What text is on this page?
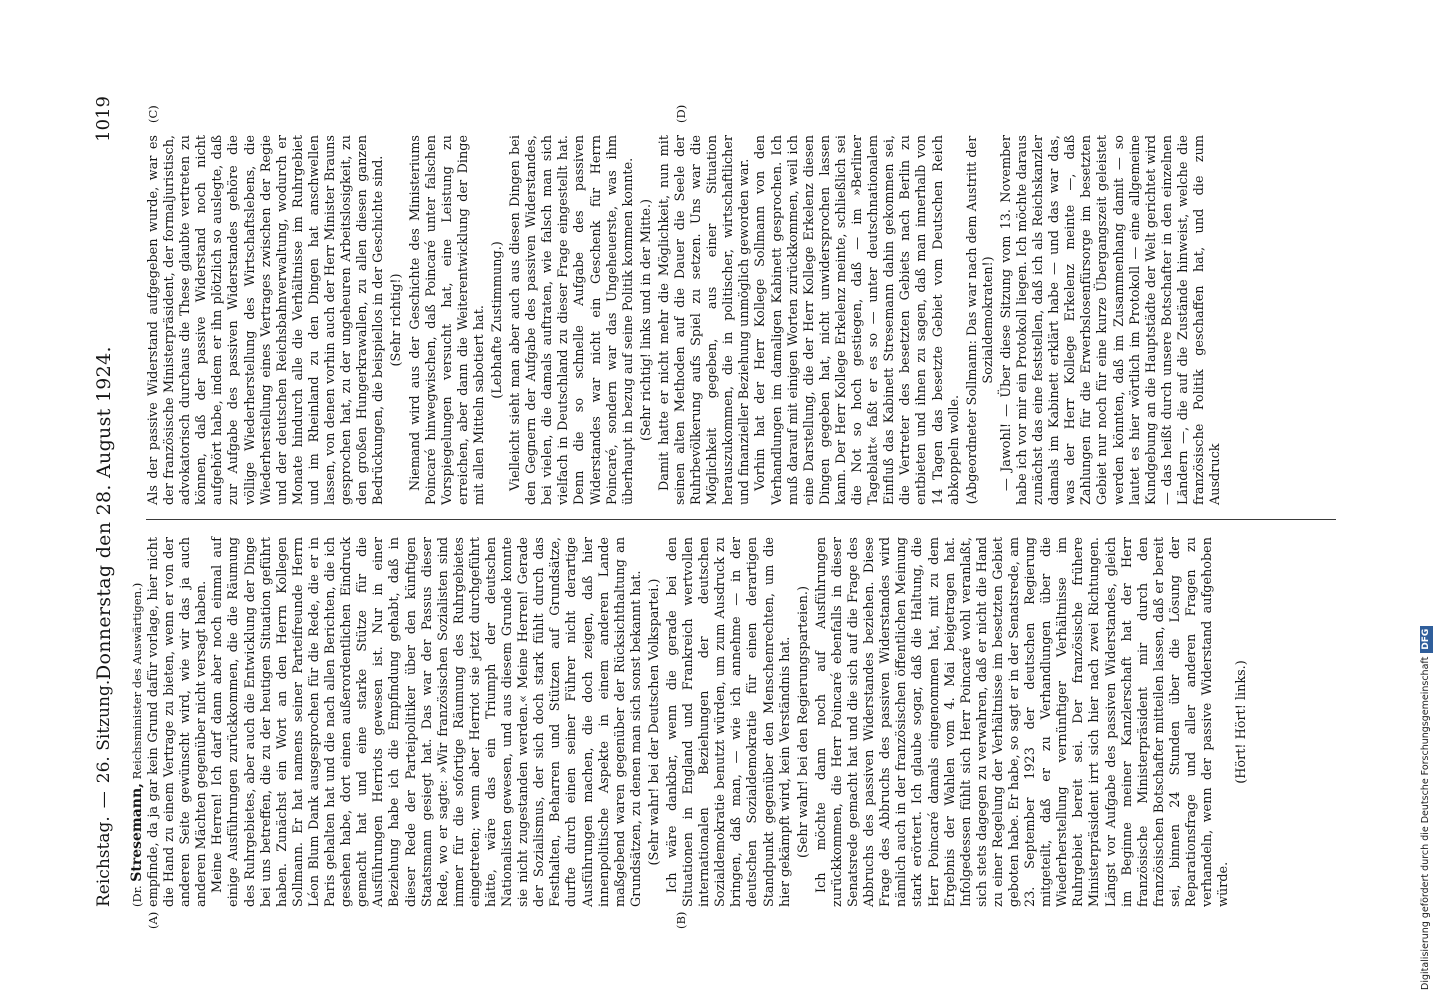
Reichstag.—26. Sitzung.
Donnerstag den 28. August 1924.
1019
(Dr. Stresemann, Reichsminister des Auswärtigen.)
(A)	(B)
(C)	(D)

empfinde, da ja gar kein Grund dafür vorlage, hier nicht die Hand zu einem Vertrage zu bieten, wenn er von der anderen Seite gewünscht wird, wie wir das ja auch anderen Mächten gegenüber nicht versagt haben. Meine Herren! Ich darf dann aber noch einmal auf einige Ausführungen zurückkommen, die die Räumung des Ruhrgebietes, aber auch die Entwicklung der Dinge bei uns betreffen, die zu der heutigen Situation geführt haben. Zunächst ein Wort an den Herrn Kollegen Sollmann. Er hat namens seiner Parteifreunde Herrn Léon Blum Dank ausgesprochen für die Rede, die er in Paris gehalten hat und die nach allen Berichten, die ich gesehen habe, dort einen außerordentlichen Eindruck gemacht hat und eine starke Stütze für die Ausführungen Herriots gewesen ist. Nur in einer Beziehung habe ich die Empfindung gehabt, daß in dieser Rede der Parteipolitiker über den künftigen Staatsmann gesiegt hat. Das war der Passus dieser Rede, wo er sagte: »Wir französischen Sozialisten sind immer für die sofortige Räumung des Ruhrgebietes eingetreten; wenn aber Herriot sie jetzt durchgeführt hätte, wäre das ein Triumph der deutschen Nationalisten gewesen, und aus diesem Grunde konnte sie nicht zugestanden werden.« Meine Herren! Gerade der Sozialismus, der sich doch stark fühlt durch das Festhalten, Beharren und Stützen auf Grundsätze, durfte durch einen seiner Führer nicht derartige Ausführungen machen, die doch zeigen, daß hier innenpolitische Aspekte in einem anderen Lande maßgebend waren gegenüber der Rücksichthaltung an Grundsätzen, zu denen man sich sonst bekannt hat. (Sehr wahr! bei der Deutschen Volkspartei.) Ich wäre dankbar, wenn die gerade bei den Situationen in England und Frankreich wertvollen internationalen Beziehungen der deutschen Sozialdemokratie benutzt würden, um zum Ausdruck zu bringen, daß man, — wie ich annehme — in der deutschen Sozialdemokratie für einen derartigen Standpunkt gegenüber den Menschenrechten, um die hier gekämpft wird, kein Verständnis hat. (Sehr wahr! bei den Regierungsparteien.) Ich möchte dann noch auf Ausführungen zurückkommen, die Herr Poincaré ebenfalls in dieser Senatsrede gemacht hat und die sich auf die Frage des Abbruchs des passiven Widerstandes beziehen. Diese Frage des Abbruchs des passiven Widerstandes wird nämlich auch in der französischen öffentlichen Meinung stark erörtert. Ich glaube sogar, daß die Haltung, die Herr Poincaré damals eingenommen hat, mit zu dem Ergebnis der Wahlen vom 4. Mai beigetragen hat. Infolgedessen fühlt sich Herr Poincaré wohl veranlaßt, sich stets dagegen zu verwahren, daß er nicht die Hand zu einer Regelung der Verhältnisse im besetzten Gebiet geboten habe. Er habe, so sagt er in der Senatsrede, am 23. September 1923 der deutschen Regierung mitgeteilt, daß er zu Verhandlungen über die Wiederherstellung vernünftiger Verhältnisse im Ruhrgebiet bereit sei. Der französische frühere Ministerpräsident irrt sich hier nach zwei Richtungen. Längst vor Aufgabe des passiven Widerstandes, gleich im Beginne meiner Kanzlerschaft hat der Herr französische Ministerpräsident mir durch den französischen Botschafter mitteilen lassen, daß er bereit sei, binnen 24 Stunden über die Lösung der Reparationsfrage und aller anderen Fragen zu verhandeln, wenn der passive Widerstand aufgehoben würde.

(Hört! Hört! links.)

Als der passive Widerstand aufgegeben wurde, war es der französische Ministerpräsident, der formaljuristisch, advokatorisch durchaus die These glaubte vertreten zu können, daß der passive Widerstand noch nicht aufgehört habe, indem er ihn plötzlich so auslegte, daß zur Aufgabe des passiven Widerstandes gehöre die völlige Wiederherstellung des Wirtschaftslebens, die Wiederherstellung eines Vertrages zwischen der Regie und der deutschen Reichsbahnverwaltung, wodurch er Monate hindurch alle die Verhältnisse im Ruhrgebiet und im Rheinland zu den Dingen hat anschwellen lassen, von denen vorhin auch der Herr Minister Brauns gesprochen hat, zu der ungeheuren Arbeitslosigkeit, zu den großen Hungerkrawallen, zu allen diesen ganzen Bedrückungen, die beispiellos in der Geschichte sind. (Sehr richtig!) Niemand wird aus der Geschichte des Ministeriums Poincaré hinwegwischen, daß Poincaré unter falschen Vorspiegelungen versucht hat, eine Leistung zu erreichen, aber dann die Weiterentwicklung der Dinge mit allen Mitteln sabotiert hat. (Lebhafte Zustimmung.) Vielleicht sieht man aber auch aus diesen Dingen bei den Gegnern der Aufgabe des passiven Widerstandes, bei vielen, die damals auftraten, wie falsch man sich vielfach in Deutschland zu dieser Frage eingestellt hat. Denn die so schnelle Aufgabe des passiven Widerstandes war nicht ein Geschenk für Herrn Poincaré, sondern war das Ungeheuerste, was ihm überhaupt in bezug auf seine Politik kommen konnte. (Sehr richtig! links und in der Mitte.) Damit hatte er nicht mehr die Möglichkeit, nun mit seinen alten Methoden auf die Dauer die Seele der Ruhrbevölkerung aufs Spiel zu setzen. Uns war die Möglichkeit gegeben, aus einer Situation herauszukommen, die in politischer, wirtschaftlicher und finanzieller Beziehung unmöglich geworden war. Vorhin hat der Herr Kollege Sollmann von den Verhandlungen im damaligen Kabinett gesprochen. Ich muß darauf mit einigen Worten zurückkommen, weil ich eine Darstellung, die der Herr Kollege Erkelenz diesen Dingen gegeben hat, nicht unwidersprochen lassen kann. Der Herr Kollege Erkelenz meinte, schließlich sei die Not so hoch gestiegen, daß — im »Berliner Tageblatt« faßt er es so — unter deutschnationalem Einfluß das Kabinett Stresemann dahin gekommen sei, die Vertreter des besetzten Gebiets nach Berlin zu entbieten und ihnen zu sagen, daß man innerhalb von 14 Tagen das besetzte Gebiet vom Deutschen Reich abkoppeln wolle. (Abgeordneter Sollmann: Das war nach dem Austritt der Sozialdemokraten!) — Jawohl! — Über diese Sitzung vom 13. November habe ich vor mir ein Protokoll liegen. Ich möchte daraus zunächst das eine feststellen, daß ich als Reichskanzler damals im Kabinett erklärt habe — und das war das, was der Herr Kollege Erkelenz meinte —, daß Zahlungen für die Erwerbslosenfürsorge im besetzten Gebiet nur noch für eine kurze Übergangszeit geleistet werden könnten, daß im Zusammenhang damit — so lautet es hier wörtlich im Protokoll — eine allgemeine Kundgebung an die Hauptstädte der Welt gerichtet wird — das heißt durch unsere Botschafter in den einzelnen Ländern —, die auf die Zustände hinweist, welche die französische Politik geschaffen hat, und die zum Ausdruck

Digitalisierung gefördert durch die Deutsche ForschungsgemeinschaftDFG
